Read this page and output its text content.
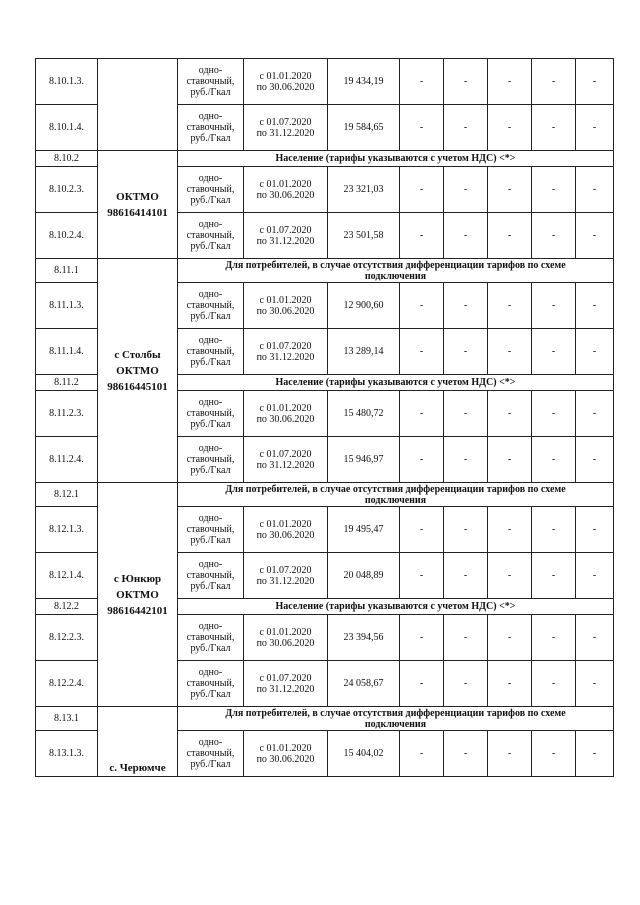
8.10.1.3.		одно-
ставочный,
руб./Гкал	с 01.01.2020
по 30.06.2020	19 434,19	-	-	-	-	-
8.10.1.4.		одно-
ставочный,
руб./Гкал	с 01.07.2020
по 31.12.2020	19 584,65	-	-	-	-	-
8.10.2	ОКТМО
98616414101	Население (тарифы указываются с учетом НДС) <*>							
8.10.2.3.		одно-
ставочный,
руб./Гкал	с 01.01.2020
по 30.06.2020	23 321,03	-	-	-	-	-
8.10.2.4.		одно-
ставочный,
руб./Гкал	с 01.07.2020
по 31.12.2020	23 501,58	-	-	-	-	-
8.11.1	с Столбы
ОКТМО
98616445101	Для потребителей, в случае отсутствия дифференциации тарифов по схеме
подключения							

8.11.1.3.		одно-
ставочный,
руб./Гкал	с 01.01.2020
по 30.06.2020	12 900,60	-	-	-	-	-
8.11.1.4.		одно-
ставочный,
руб./Гкал	с 01.07.2020
по 31.12.2020	13 289,14	-	-	-	-	-
8.11.2		Население (тарифы указываются с учетом НДС) <*>							
8.11.2.3.		одно-
ставочный,
руб./Гкал	с 01.01.2020
по 30.06.2020	15 480,72	-	-	-	-	-
8.11.2.4.		одно-
ставочный,
руб./Гкал	с 01.07.2020
по 31.12.2020	15 946,97	-	-	-	-	-
8.12.1	с Юнкюр
ОКТМО
98616442101	Для потребителей, в случае отсутствия дифференциации тарифов по схеме
подключения							

8.12.1.3.		одно-
ставочный,
руб./Гкал	с 01.01.2020
по 30.06.2020	19 495,47	-	-	-	-	-
8.12.1.4.		одно-
ставочный,
руб./Гкал	с 01.07.2020
по 31.12.2020	20 048,89	-	-	-	-	-
8.12.2		Население (тарифы указываются с учетом НДС) <*>							
8.12.2.3.		одно-
ставочный,
руб./Гкал	с 01.01.2020
по 30.06.2020	23 394,56	-	-	-	-	-
8.12.2.4.		одно-
ставочный,
руб./Гкал	с 01.07.2020
по 31.12.2020	24 058,67	-	-	-	-	-
8.13.1	с. Черюмче	Для потребителей, в случае отсутствия дифференциации тарифов по схеме
подключения							

8.13.1.3.		одно-
ставочный,
руб./Гкал	с 01.01.2020
по 30.06.2020	15 404,02	-	-	-	-	-
